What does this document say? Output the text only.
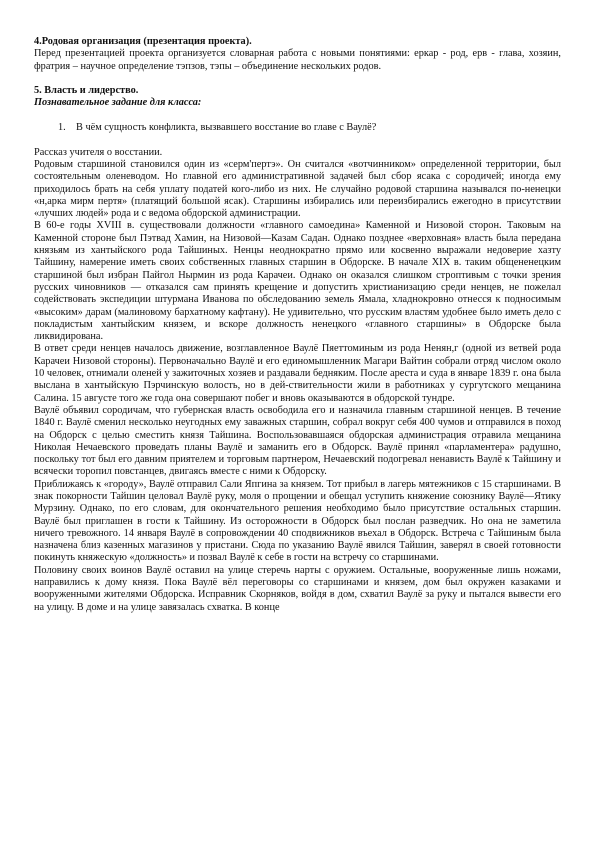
4.Родовая организация (презентация проекта).

Перед презентацией проекта организуется словарная работа с новыми понятиями: еркар - род, ерв - глава, хозяин, фратрия – научное определение тэпзов, тэпы – объединение нескольких родов.

5. Власть и лидерство.

Познавательное задание для класса:

1. В чём сущность конфликта, вызвавшего восстание во главе с Ваулё?

Рассказ учителя о восстании.

Родовым старшиной становился один из «серм'пертэ». Он считался «вотчинником» определенной территории, был состоятельным оленеводом. Но главной его административной задачей был сбор ясака с сородичей; иногда ему приходилось брать на себя уплату податей кого-либо из них. Не случайно родовой старшина назывался по-ненецки «н,арка мирм пертя» (платящий большой ясак). Старшины избирались или переизбирались ежегодно в присутствии «лучших людей» рода и с ведома обдорской администрации.

В 60-е годы XVIII в. существовали должности «главного самоедина» Каменной и Низовой сторон. Таковым на Каменной стороне был Пэтвад Хамин, на Низовой—Казам Садан. Однако позднее «верховная» власть была передана князьям из хантыйского рода Тайшиных. Ненцы неоднократно прямо или косвенно выражали недоверие хазту Тайшину, намерение иметь своих собственных главных старшин в Обдорске. В начале XIX в. таким общененецким старшиной был избран Пайгол Нырмин из рода Карачеи. Однако он оказался слишком строптивым с точки зрения русских чиновников — отказался сам принять крещение и допустить христианизацию среди ненцев, не пожелал содействовать экспедиции штурмана Иванова по обследованию земель Ямала, хладнокровно отнесся к подносимым «высоким» дарам (малиновому бархатному кафтану). Не удивительно, что русским властям удобнее было иметь дело с покладистым хантыйским князем, и вскоре должность ненецкого «главного старшины» в Обдорске была ликвидирована.

В ответ среди ненцев началось движение, возглавленное Ваулё Пяеттоминым из рода Ненян,г (одной из ветвей рода Карачеи Низовой стороны). Первоначально Ваулё и его единомышленник Магари Вайтин собрали отряд числом около 10 человек, отнимали оленей у зажиточных хозяев и раздавали бедняким. После ареста и суда в январе 1839 г. она была выслана в хантыйскую Пэрчинскую волость, но в дей-ствительности жили в работниках у сургутского мещанина Салина. 15 августе того же года она совершают побег и вновь оказываются в обдорской тундре.

Ваулё объявил сородичам, что губернская власть освободила его и назначила главным старшиной ненцев. В течение 1840 г. Ваулё сменил несколько неугодных ему заважных старшин, собрал вокруг себя 400 чумов и отправился в поход на Обдорск с целью сместить князя Тайшина. Воспользовавшаяся обдорская администрация отравила мещанина Николая Нечаевского проведать планы Ваулё и заманить его в Обдорск. Ваулё принял «парламентера» радушно, поскольку тот был его давним приятелем и торговым партнером, Нечаевский подогревал ненависть Ваулё к Тайшину и всячески торопил повстанцев, двигаясь вместе с ними к Обдорску.

Приближаясь к «городу», Ваулё отправил Сали Япгина за князем. Тот прибыл в лагерь мятежников с 15 старшинами. В знак покорности Тайшин целовал Ваулё руку, моля о прощении и обещал уступить княжение союзнику Ваулё—Ятику Мурзину. Однако, по его словам, для окончательного решения необходимо было присутствие остальных старшин. Ваулё был приглашен в гости к Тайшину. Из осторожности в Обдорск был послан разведчик. Но она не заметила ничего тревожного. 14 января Ваулё в сопровождении 40 сподвижников въехал в Обдорск. Встреча с Тайшиным была назначена близ казенных магазинов у пристани. Сюда по указанию Ваулё явился Тайшин, заверял в своей готовности покинуть княжескую «должность» и позвал Ваулё к себе в гости на встречу со старшинами.

Половину своих воинов Ваулё оставил на улице стеречь нарты с оружием. Остальные, вооруженные лишь ножами, направились к дому князя. Пока Ваулё вёл переговоры со старшинами и князем, дом был окружен казаками и вооруженными жителями Обдорска. Исправник Скорняков, войдя в дом, схватил Ваулё за руку и пытался вывести его на улицу. В доме и на улице завязалась схватка. В конце
